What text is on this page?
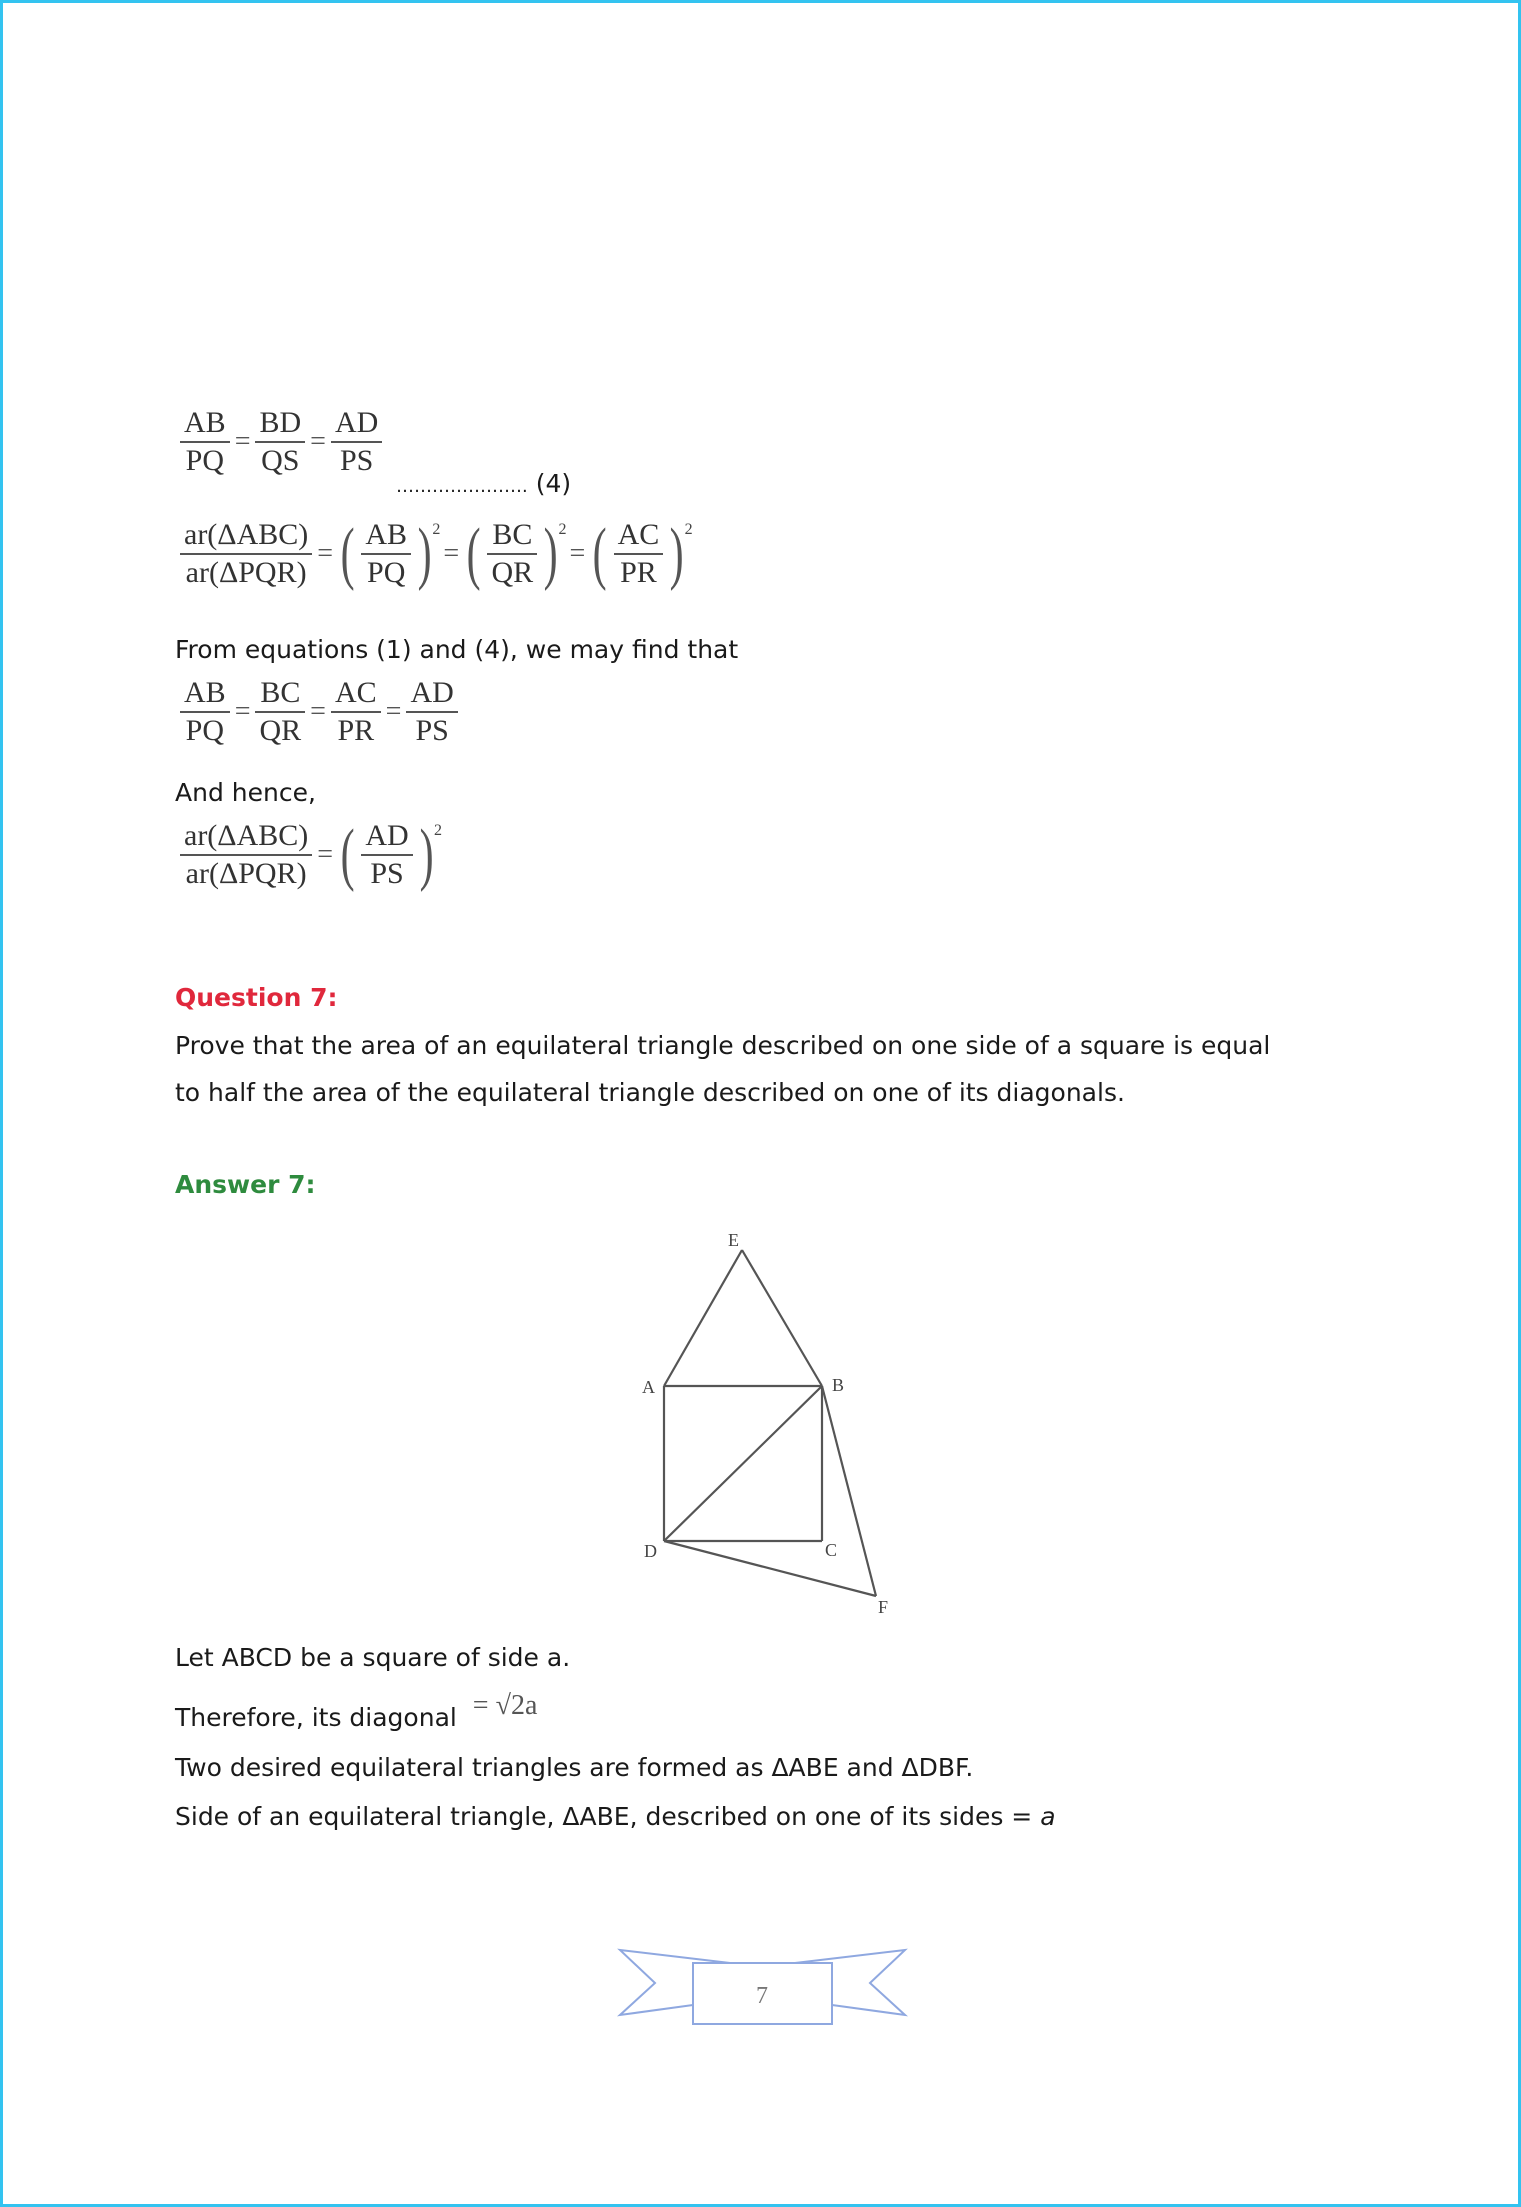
$\frac{AB}{PQ} = \frac{BD}{QS} = \frac{AD}{PS}$
…………………. (4)
$\frac{\text{ar(ΔABC)}}{\text{ar(ΔPQR)}}$ = ( $\frac{AB}{PQ}$ ) 2
= ( $\frac{BC}{QR}$ ) 2
= ( $\frac{AC}{PR}$ ) 2
From equations (1) and (4), we may find that
$\frac{AB}{PQ} = \frac{BC}{QR} = \frac{AC}{PR} = \frac{AD}{PS}$
And hence,
$\frac{\text{ar(ΔABC)}}{\text{ar(ΔPQR)}}$ = ( $\frac{AD}{PS}$ ) 2
Question 7:
Prove that the area of an equilateral triangle described on one side of a square is equal
to half the area of the equilateral triangle described on one of its diagonals.
Answer 7:
E
A	B
C
D
F
Let ABCD be a square of side a.
Therefore, its diagonal = √2a
Two desired equilateral triangles are formed as ΔABE and ΔDBF.
Side of an equilateral triangle, ΔABE, described on one of its sides = a
7
